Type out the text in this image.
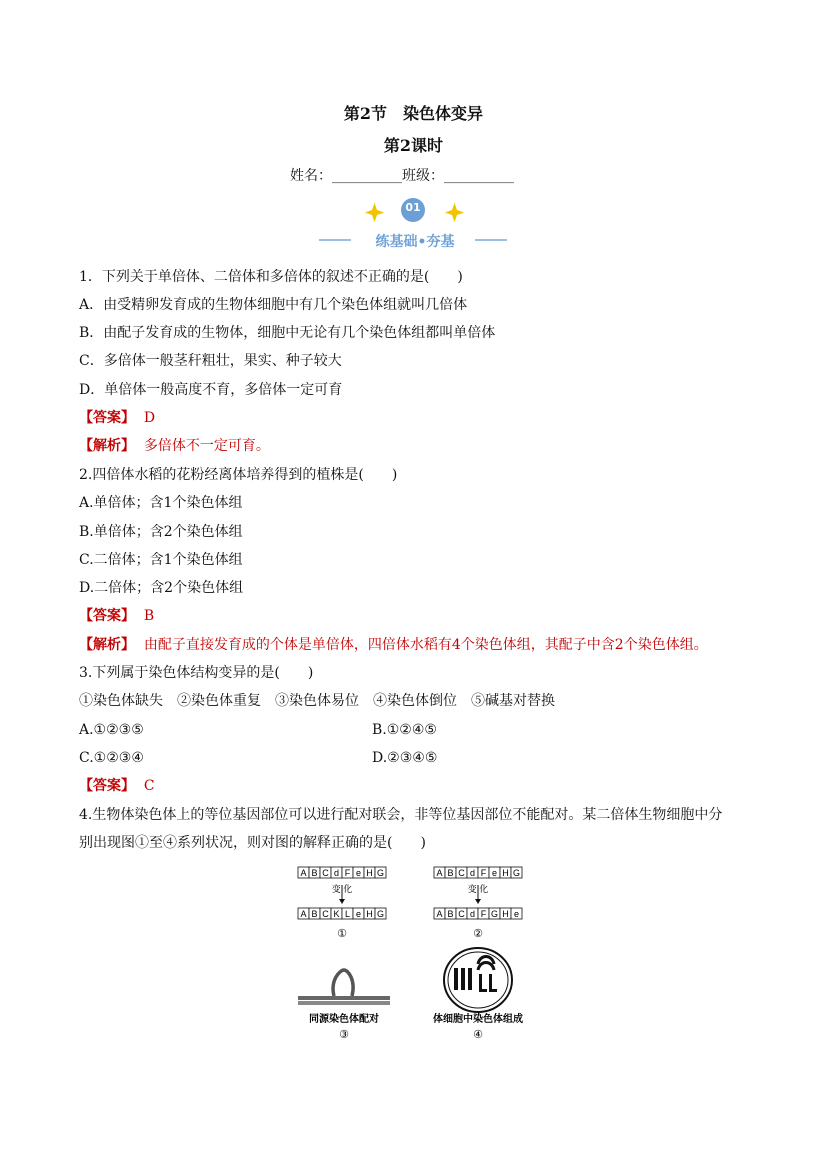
第2节　染色体变异
第2课时
姓名：__________班级：__________
01
练基础•夯基
1．下列关于单倍体、二倍体和多倍体的叙述不正确的是(　　)
A．由受精卵发育成的生物体细胞中有几个染色体组就叫几倍体
B．由配子发育成的生物体，细胞中无论有几个染色体组都叫单倍体
C．多倍体一般茎秆粗壮，果实、种子较大
D．单倍体一般高度不育，多倍体一定可育
【答案】 D
【解析】 多倍体不一定可育。
2.四倍体水稻的花粉经离体培养得到的植株是(　　)
A.单倍体；含1个染色体组
B.单倍体；含2个染色体组
C.二倍体；含1个染色体组
D.二倍体；含2个染色体组
【答案】 B
【解析】 由配子直接发育成的个体是单倍体，四倍体水稻有4个染色体组，其配子中含2个染色体组。
3.下列属于染色体结构变异的是(　　)
①染色体缺失　②染色体重复　③染色体易位　④染色体倒位　⑤碱基对替换
A.①②③⑤	B.①②④⑤
C.①②③④	D.②③④⑤
【答案】 C
4.生物体染色体上的等位基因部位可以进行配对联会，非等位基因部位不能配对。某二倍体生物细胞中分
别出现图①至④系列状况，则对图的解释正确的是(　　)
A B C d F e H G
A B C K L e H G
变 化
①
A B C d F e H G
A B C d F G H e
变 化
②
同源染色体配对
③
体细胞中染色体组成
④
